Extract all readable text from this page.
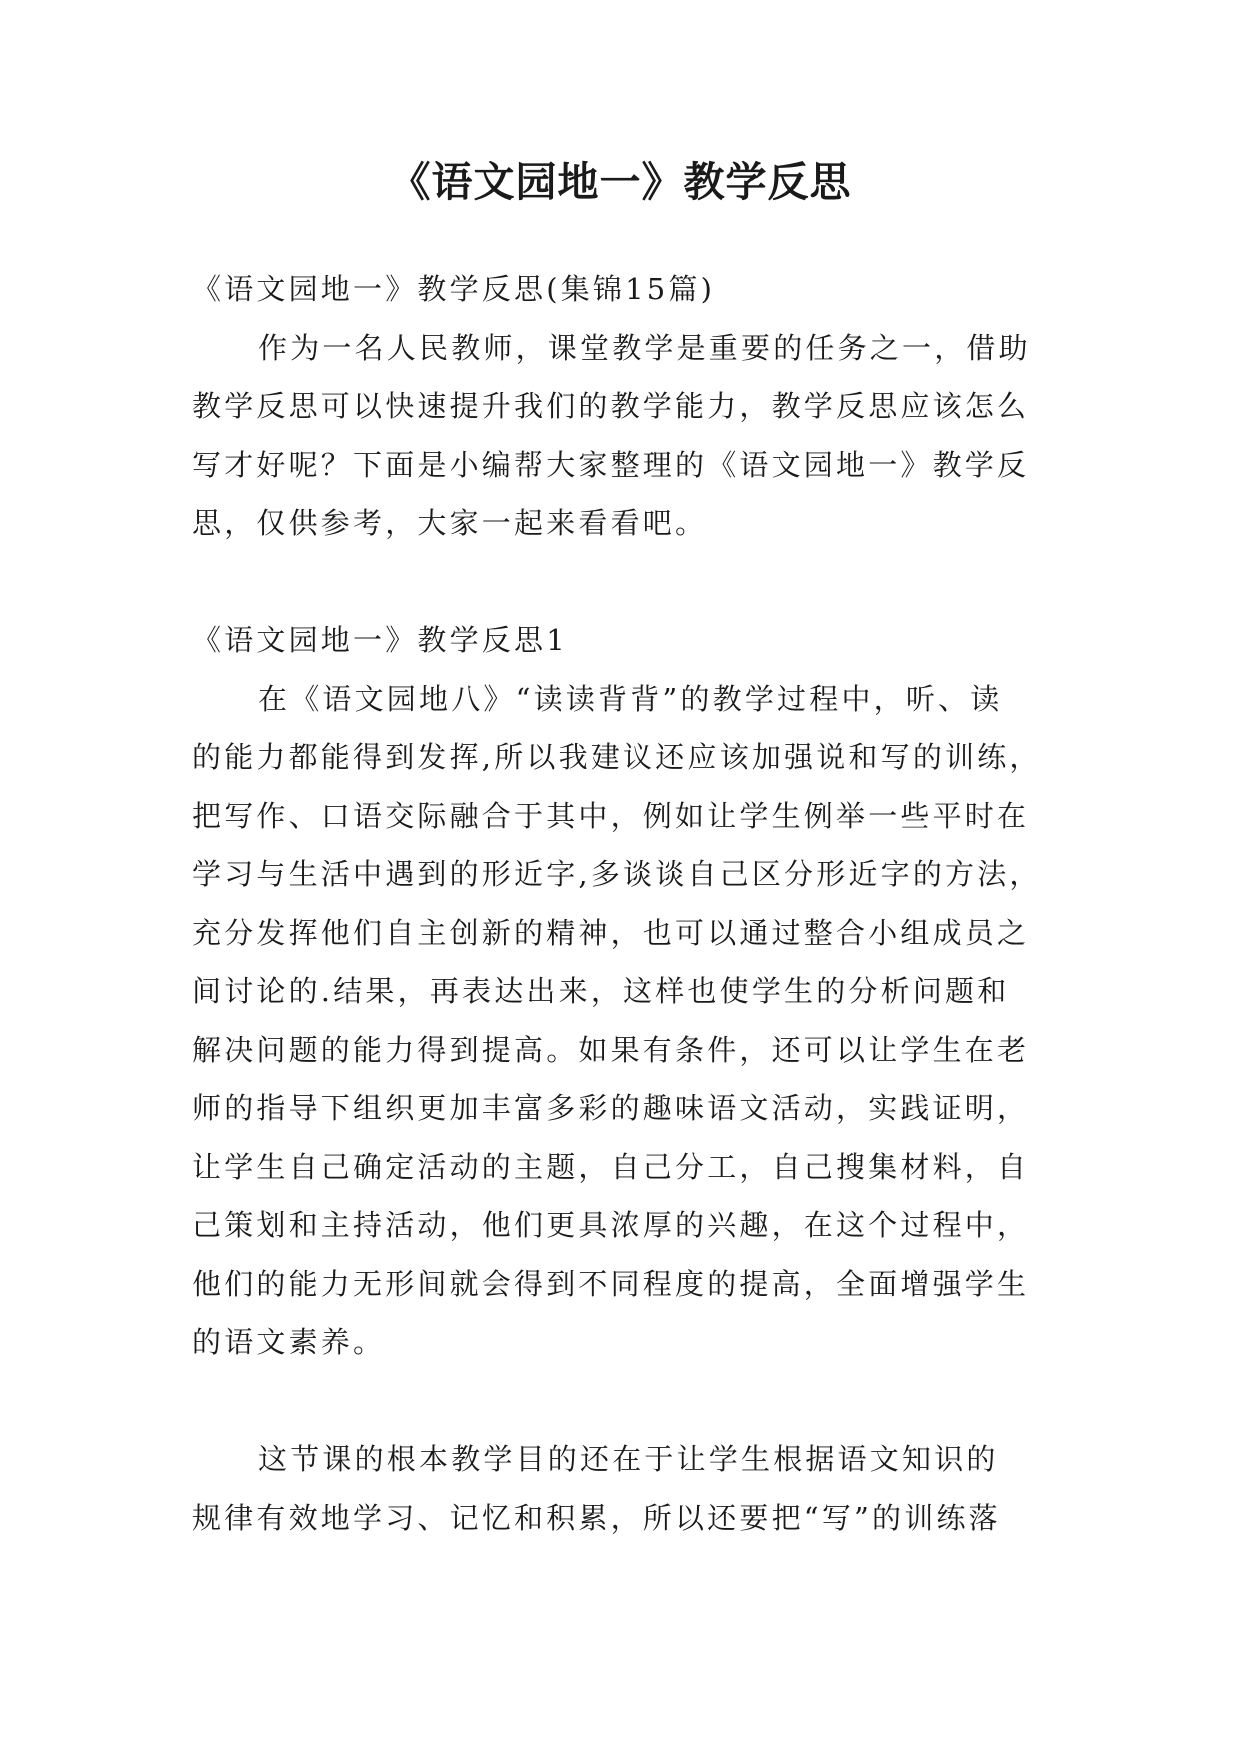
《语文园地一》教学反思
《语文园地一》教学反思(集锦15篇)
作为一名人民教师，课堂教学是重要的任务之一，借助
教学反思可以快速提升我们的教学能力，教学反思应该怎么
写才好呢？下面是小编帮大家整理的《语文园地一》教学反
思，仅供参考，大家一起来看看吧。
《语文园地一》教学反思1
在《语文园地八》“读读背背”的教学过程中，听、读
的能力都能得到发挥,所以我建议还应该加强说和写的训练，
把写作、口语交际融合于其中，例如让学生例举一些平时在
学习与生活中遇到的形近字,多谈谈自己区分形近字的方法，
充分发挥他们自主创新的精神，也可以通过整合小组成员之
间讨论的.结果，再表达出来，这样也使学生的分析问题和
解决问题的能力得到提高。如果有条件，还可以让学生在老
师的指导下组织更加丰富多彩的趣味语文活动，实践证明，
让学生自己确定活动的主题，自己分工，自己搜集材料，自
己策划和主持活动，他们更具浓厚的兴趣，在这个过程中，
他们的能力无形间就会得到不同程度的提高，全面增强学生
的语文素养。
这节课的根本教学目的还在于让学生根据语文知识的
规律有效地学习、记忆和积累，所以还要把“写”的训练落
